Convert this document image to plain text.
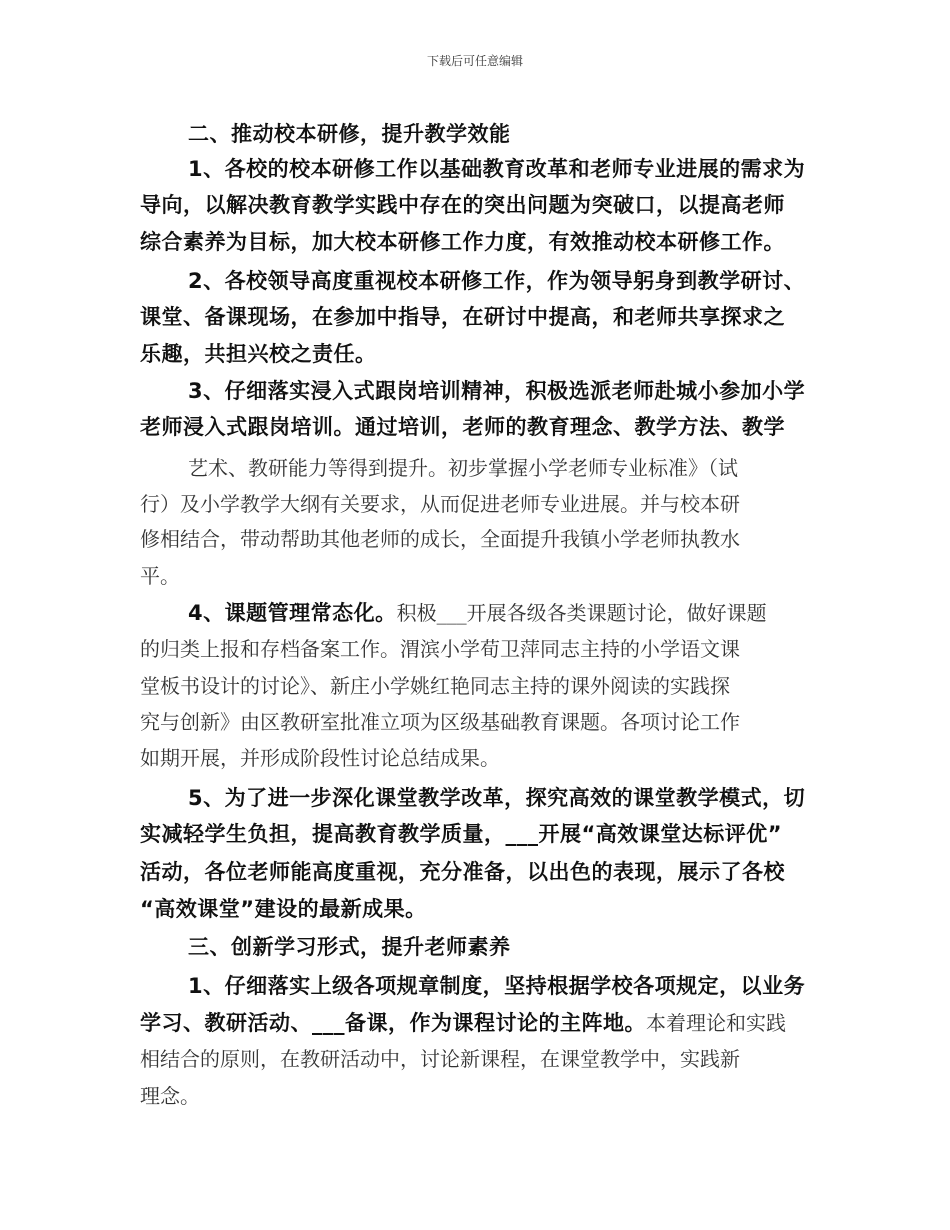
下载后可任意编辑
二、推动校本研修，提升教学效能
1、各校的校本研修工作以基础教育改革和老师专业进展的需求为
导向，以解决教育教学实践中存在的突出问题为突破口，以提高老师
综合素养为目标，加大校本研修工作力度，有效推动校本研修工作。
2、各校领导高度重视校本研修工作，作为领导躬身到教学研讨、
课堂、备课现场，在参加中指导，在研讨中提高，和老师共享探求之
乐趣，共担兴校之责任。
3、仔细落实浸入式跟岗培训精神，积极选派老师赴城小参加小学
老师浸入式跟岗培训。通过培训，老师的教育理念、教学方法、教学
艺术、教研能力等得到提升。初步掌握小学老师专业标准》（试
行）及小学教学大纲有关要求，从而促进老师专业进展。并与校本研
修相结合，带动帮助其他老师的成长，全面提升我镇小学老师执教水
平。
4、课题管理常态化。积极___开展各级各类课题讨论，做好课题
的归类上报和存档备案工作。渭滨小学荀卫萍同志主持的小学语文课
堂板书设计的讨论》、新庄小学姚红艳同志主持的课外阅读的实践探
究与创新》由区教研室批准立项为区级基础教育课题。各项讨论工作
如期开展，并形成阶段性讨论总结成果。
5、为了进一步深化课堂教学改革，探究高效的课堂教学模式，切
实减轻学生负担，提高教育教学质量，___开展“高效课堂达标评优”
活动，各位老师能高度重视，充分准备，以出色的表现，展示了各校
“高效课堂”建设的最新成果。
三、创新学习形式，提升老师素养
1、仔细落实上级各项规章制度，坚持根据学校各项规定，以业务
学习、教研活动、___备课，作为课程讨论的主阵地。本着理论和实践
相结合的原则，在教研活动中，讨论新课程，在课堂教学中，实践新
理念。
